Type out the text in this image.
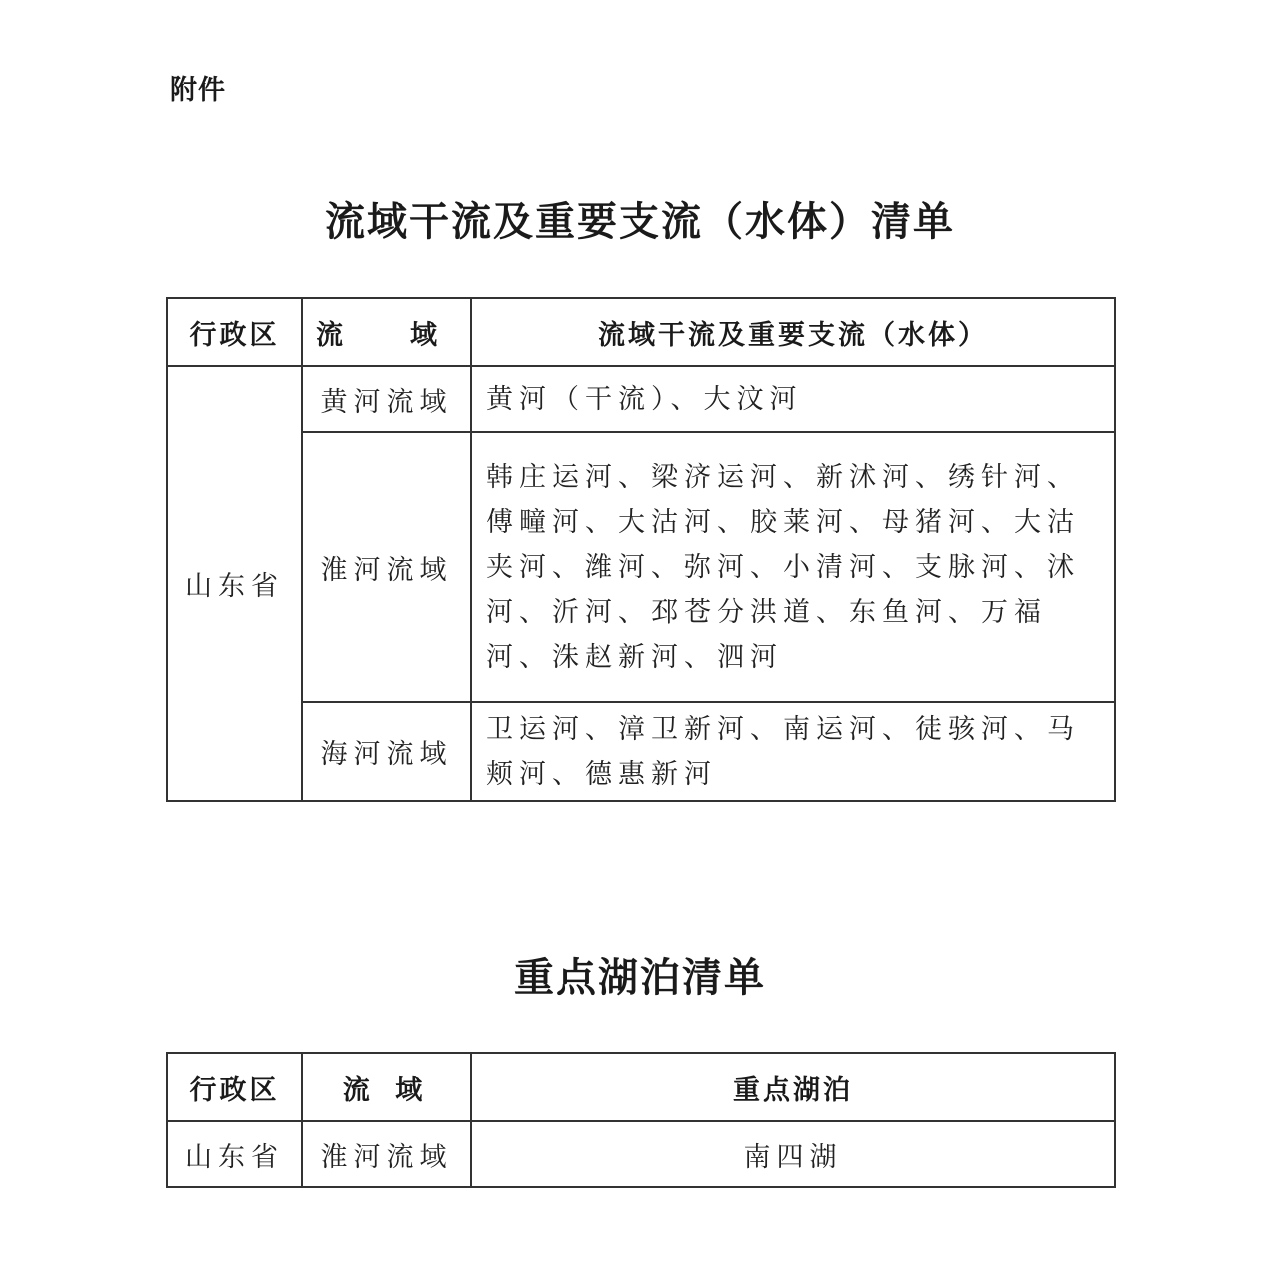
附件
流域干流及重要支流（水体）清单
行政区	流　域	流域干流及重要支流（水体）
山东省	黄河流域	黄河（干流）、大汶河
	淮河流域	韩庄运河、梁济运河、新沭河、绣针河、傅疃河、大沽河、胶莱河、母猪河、大沽夹河、潍河、弥河、小清河、支脉河、沭河、沂河、邳苍分洪道、东鱼河、万福河、洙赵新河、泗河
	海河流域	卫运河、漳卫新河、南运河、徒骇河、马颊河、德惠新河
重点湖泊清单
行政区	流 域	重点湖泊
山东省	淮河流域	南四湖
